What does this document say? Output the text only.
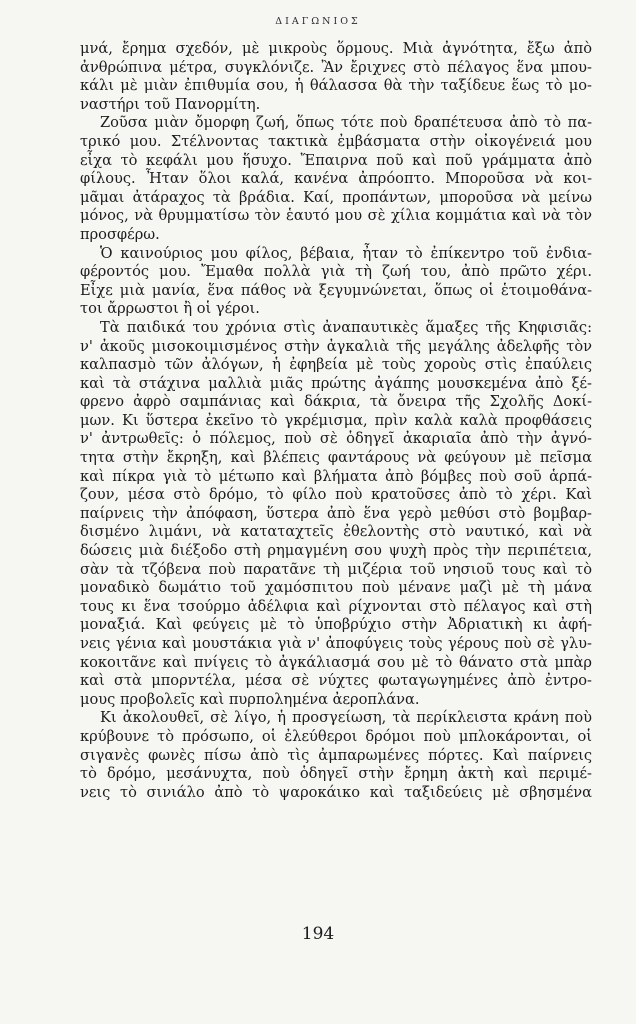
ΔΙΑΓΩΝΙΟΣ
μνά, ἔρημα σχεδόν, μὲ μικροὺς ὅρμους. Μιὰ ἀγνότητα, ἔξω ἀπὸ
ἀνθρώπινα μέτρα, συγκλόνιζε. Ἂν ἔριχνες στὸ πέλαγος ἕνα μπου-
κάλι μὲ μιὰν ἐπιθυμία σου, ἡ θάλασσα θὰ τὴν ταξίδευε ἕως τὸ μο-
ναστήρι τοῦ Πανορμίτη.
Ζοῦσα μιὰν ὄμορφη ζωή, ὅπως τότε ποὺ δραπέτευσα ἀπὸ τὸ πα-
τρικό μου. Στέλνοντας τακτικὰ ἐμβάσματα στὴν οἰκογένειά μου
εἶχα τὸ κεφάλι μου ἥσυχο. Ἔπαιρνα ποῦ καὶ ποῦ γράμματα ἀπὸ
φίλους. Ἦταν ὅλοι καλά, κανένα ἀπρόοπτο. Μποροῦσα νὰ κοι-
μᾶμαι ἀτάραχος τὰ βράδια. Καί, προπάντων, μποροῦσα νὰ μείνω
μόνος, νὰ θρυμματίσω τὸν ἑαυτό μου σὲ χίλια κομμάτια καὶ νὰ τὸν
προσφέρω.
Ὁ καινούριος μου φίλος, βέβαια, ἦταν τὸ ἐπίκεντρο τοῦ ἐνδια-
φέροντός μου. Ἔμαθα πολλὰ γιὰ τὴ ζωή του, ἀπὸ πρῶτο χέρι.
Εἶχε μιὰ μανία, ἕνα πάθος νὰ ξεγυμνώνεται, ὅπως οἱ ἑτοιμοθάνα-
τοι ἄρρωστοι ἢ οἱ γέροι.
Τὰ παιδικά του χρόνια στὶς ἀναπαυτικὲς ἅμαξες τῆς Κηφισιᾶς:
ν' ἀκοῦς μισοκοιμισμένος στὴν ἀγκαλιὰ τῆς μεγάλης ἀδελφῆς τὸν
καλπασμὸ τῶν ἀλόγων, ἡ ἐφηβεία μὲ τοὺς χοροὺς στὶς ἐπαύλεις
καὶ τὰ στάχινα μαλλιὰ μιᾶς πρώτης ἀγάπης μουσκεμένα ἀπὸ ξέ-
φρενο ἀφρὸ σαμπάνιας καὶ δάκρια, τὰ ὄνειρα τῆς Σχολῆς Δοκί-
μων. Κι ὕστερα ἐκεῖνο τὸ γκρέμισμα, πρὶν καλὰ καλὰ προφθάσεις
ν' ἀντρωθεῖς: ὁ πόλεμος, ποὺ σὲ ὁδηγεῖ ἀκαριαῖα ἀπὸ τὴν ἀγνό-
τητα στὴν ἔκρηξη, καὶ βλέπεις φαντάρους νὰ φεύγουν μὲ πεῖσμα
καὶ πίκρα γιὰ τὸ μέτωπο καὶ βλήματα ἀπὸ βόμβες ποὺ σοῦ ἁρπά-
ζουν, μέσα στὸ δρόμο, τὸ φίλο ποὺ κρατοῦσες ἀπὸ τὸ χέρι. Καὶ
παίρνεις τὴν ἀπόφαση, ὕστερα ἀπὸ ἕνα γερὸ μεθύσι στὸ βομβαρ-
δισμένο λιμάνι, νὰ καταταχτεῖς ἐθελοντὴς στὸ ναυτικό, καὶ νὰ
δώσεις μιὰ διέξοδο στὴ ρημαγμένη σου ψυχὴ πρὸς τὴν περιπέτεια,
σὰν τὰ τζόβενα ποὺ παρατᾶνε τὴ μιζέρια τοῦ νησιοῦ τους καὶ τὸ
μοναδικὸ δωμάτιο τοῦ χαμόσπιτου ποὺ μένανε μαζὶ μὲ τὴ μάνα
τους κι ἕνα τσούρμο ἀδέλφια καὶ ρίχνονται στὸ πέλαγος καὶ στὴ
μοναξιά. Καὶ φεύγεις μὲ τὸ ὑποβρύχιο στὴν Ἀδριατικὴ κι ἀφή-
νεις γένια καὶ μουστάκια γιὰ ν' ἀποφύγεις τοὺς γέρους ποὺ σὲ γλυ-
κοκοιτᾶνε καὶ πνίγεις τὸ ἀγκάλιασμά σου μὲ τὸ θάνατο στὰ μπὰρ
καὶ στὰ μπορντέλα, μέσα σὲ νύχτες φωταγωγημένες ἀπὸ ἐντρο-
μους προβολεῖς καὶ πυρπολημένα ἀεροπλάνα.
Κι ἀκολουθεῖ, σὲ λίγο, ἡ προσγείωση, τὰ περίκλειστα κράνη ποὺ
κρύβουνε τὸ πρόσωπο, οἱ ἐλεύθεροι δρόμοι ποὺ μπλοκάρονται, οἱ
σιγανὲς φωνὲς πίσω ἀπὸ τὶς ἀμπαρωμένες πόρτες. Καὶ παίρνεις
τὸ δρόμο, μεσάνυχτα, ποὺ ὁδηγεῖ στὴν ἔρημη ἀκτὴ καὶ περιμέ-
νεις τὸ σινιάλο ἀπὸ τὸ ψαροκάικο καὶ ταξιδεύεις μὲ σβησμένα
194
